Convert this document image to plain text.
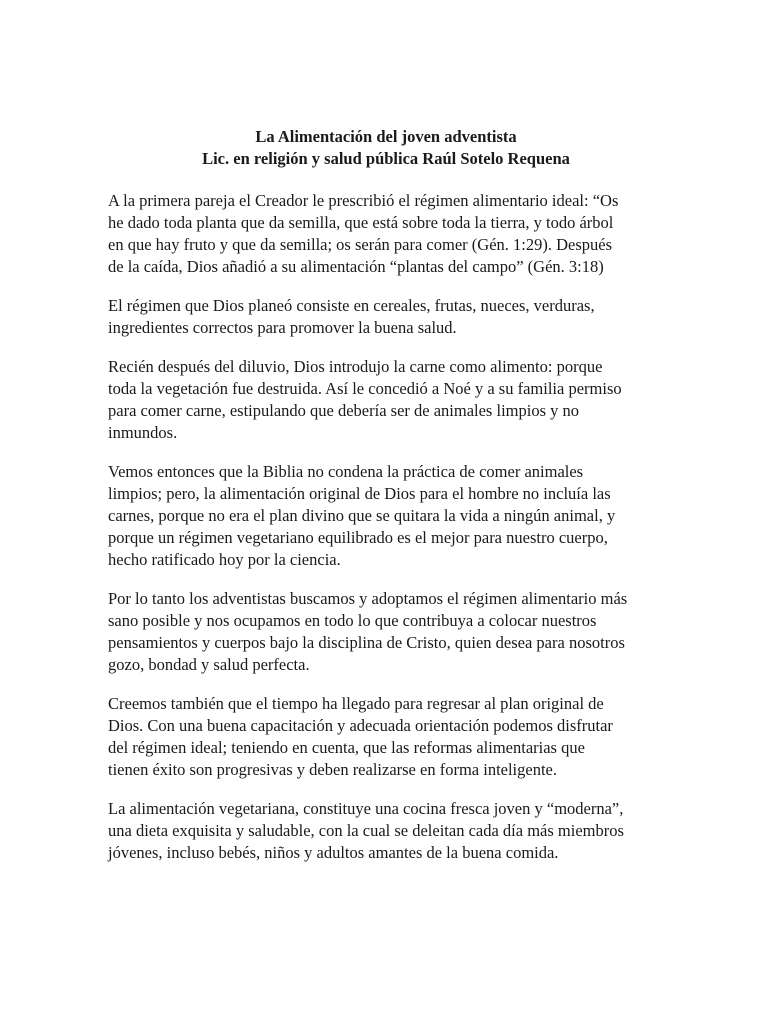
La Alimentación del joven adventista
Lic. en religión y salud pública Raúl Sotelo Requena
A la primera pareja el Creador le prescribió el régimen alimentario ideal: “Os
he dado toda planta que da semilla, que está sobre toda la tierra, y todo árbol
en que hay fruto y que da semilla; os serán para comer (Gén. 1:29). Después
de la caída, Dios añadió a su alimentación “plantas del campo” (Gén. 3:18)
El régimen que Dios planeó consiste en cereales, frutas, nueces, verduras,
ingredientes correctos para promover la buena salud.
Recién después del diluvio, Dios introdujo la carne como alimento: porque
toda la vegetación fue destruida. Así le concedió a Noé y a su familia permiso
para comer carne, estipulando que debería ser de animales limpios y no
inmundos.
Vemos entonces que la Biblia no condena la práctica de comer animales
limpios; pero, la alimentación original de Dios para el hombre no incluía las
carnes, porque no era el plan divino que se quitara la vida a ningún animal, y
porque un régimen vegetariano equilibrado es el mejor para nuestro cuerpo,
hecho ratificado hoy por la ciencia.
Por lo tanto los adventistas buscamos y adoptamos el régimen alimentario más
sano posible y nos ocupamos en todo lo que contribuya a colocar nuestros
pensamientos y cuerpos bajo la disciplina de Cristo, quien desea para nosotros
gozo, bondad y salud perfecta.
Creemos también que el tiempo ha llegado para regresar al plan original de
Dios. Con una buena capacitación y adecuada orientación podemos disfrutar
del régimen ideal; teniendo en cuenta, que las reformas alimentarias que
tienen éxito son progresivas y deben realizarse en forma inteligente.
La alimentación vegetariana, constituye una cocina fresca joven y “moderna”,
una dieta exquisita y saludable, con la cual se deleitan cada día más miembros
jóvenes, incluso bebés, niños y adultos amantes de la buena comida.
